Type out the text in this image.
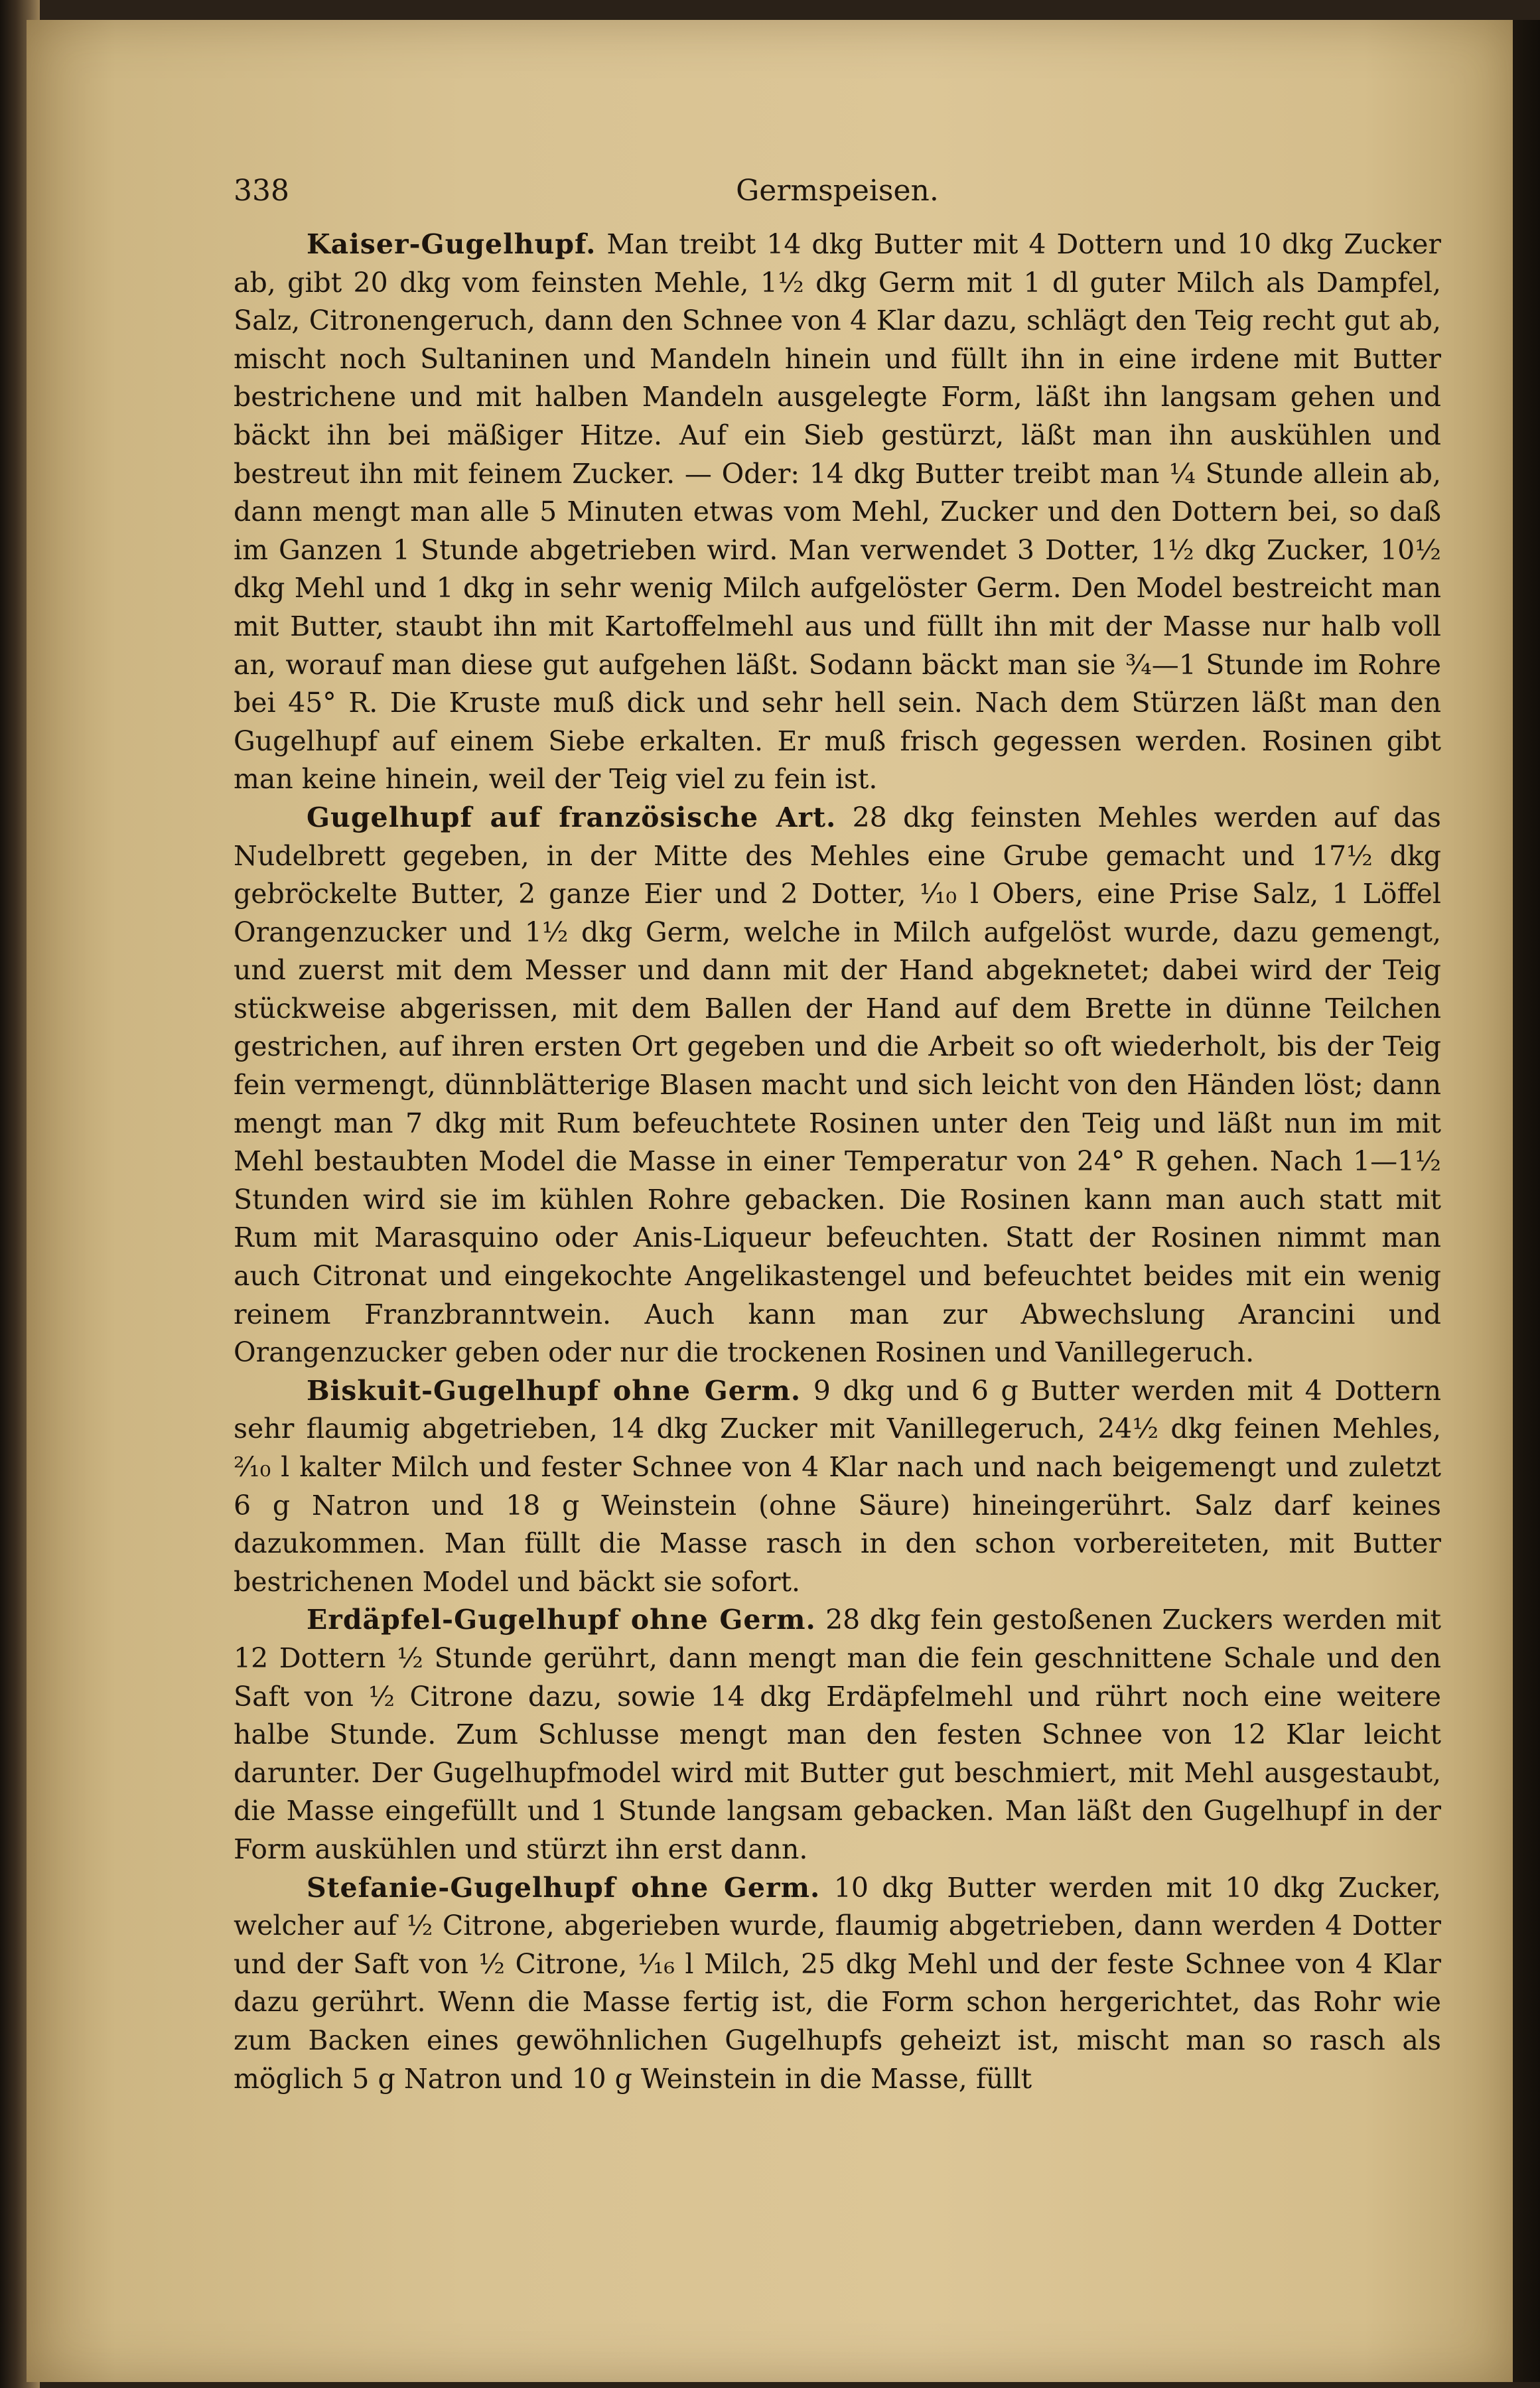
338	Germspeisen.

Kaiser-Gugelhupf. Man treibt 14 dkg Butter mit 4 Dottern und 10 dkg Zucker ab, gibt 20 dkg vom feinsten Mehle, 1½ dkg Germ mit 1 dl guter Milch als Dampfel, Salz, Citronengeruch, dann den Schnee von 4 Klar dazu, schlägt den Teig recht gut ab, mischt noch Sultaninen und Mandeln hinein und füllt ihn in eine irdene mit Butter bestrichene und mit halben Mandeln ausgelegte Form, läßt ihn langsam gehen und bäckt ihn bei mäßiger Hitze. Auf ein Sieb gestürzt, läßt man ihn auskühlen und bestreut ihn mit feinem Zucker. — Oder: 14 dkg Butter treibt man ¼ Stunde allein ab, dann mengt man alle 5 Minuten etwas vom Mehl, Zucker und den Dottern bei, so daß im Ganzen 1 Stunde abgetrieben wird. Man verwendet 3 Dotter, 1½ dkg Zucker, 10½ dkg Mehl und 1 dkg in sehr wenig Milch aufgelöster Germ. Den Model bestreicht man mit Butter, staubt ihn mit Kartoffelmehl aus und füllt ihn mit der Masse nur halb voll an, worauf man diese gut aufgehen läßt. Sodann bäckt man sie ¾—1 Stunde im Rohre bei 45° R. Die Kruste muß dick und sehr hell sein. Nach dem Stürzen läßt man den Gugelhupf auf einem Siebe erkalten. Er muß frisch gegessen werden. Rosinen gibt man keine hinein, weil der Teig viel zu fein ist.

Gugelhupf auf französische Art. 28 dkg feinsten Mehles werden auf das Nudelbrett gegeben, in der Mitte des Mehles eine Grube gemacht und 17½ dkg gebröckelte Butter, 2 ganze Eier und 2 Dotter, ¹⁄₁₀ l Obers, eine Prise Salz, 1 Löffel Orangenzucker und 1½ dkg Germ, welche in Milch aufgelöst wurde, dazu gemengt, und zuerst mit dem Messer und dann mit der Hand abgeknetet; dabei wird der Teig stückweise abgerissen, mit dem Ballen der Hand auf dem Brette in dünne Teilchen gestrichen, auf ihren ersten Ort gegeben und die Arbeit so oft wiederholt, bis der Teig fein vermengt, dünnblätterige Blasen macht und sich leicht von den Händen löst; dann mengt man 7 dkg mit Rum befeuchtete Rosinen unter den Teig und läßt nun im mit Mehl bestaubten Model die Masse in einer Temperatur von 24° R gehen. Nach 1—1½ Stunden wird sie im kühlen Rohre gebacken. Die Rosinen kann man auch statt mit Rum mit Marasquino oder Anis-Liqueur befeuchten. Statt der Rosinen nimmt man auch Citronat und eingekochte Angelikastengel und befeuchtet beides mit ein wenig reinem Franzbranntwein. Auch kann man zur Abwechslung Arancini und Orangenzucker geben oder nur die trockenen Rosinen und Vanillegeruch.

Biskuit-Gugelhupf ohne Germ. 9 dkg und 6 g Butter werden mit 4 Dottern sehr flaumig abgetrieben, 14 dkg Zucker mit Vanillegeruch, 24½ dkg feinen Mehles, ²⁄₁₀ l kalter Milch und fester Schnee von 4 Klar nach und nach beigemengt und zuletzt 6 g Natron und 18 g Weinstein (ohne Säure) hineingerührt. Salz darf keines dazukommen. Man füllt die Masse rasch in den schon vorbereiteten, mit Butter bestrichenen Model und bäckt sie sofort.

Erdäpfel-Gugelhupf ohne Germ. 28 dkg fein gestoßenen Zuckers werden mit 12 Dottern ½ Stunde gerührt, dann mengt man die fein geschnittene Schale und den Saft von ½ Citrone dazu, sowie 14 dkg Erdäpfelmehl und rührt noch eine weitere halbe Stunde. Zum Schlusse mengt man den festen Schnee von 12 Klar leicht darunter. Der Gugelhupfmodel wird mit Butter gut beschmiert, mit Mehl ausgestaubt, die Masse eingefüllt und 1 Stunde langsam gebacken. Man läßt den Gugelhupf in der Form auskühlen und stürzt ihn erst dann.

Stefanie-Gugelhupf ohne Germ. 10 dkg Butter werden mit 10 dkg Zucker, welcher auf ½ Citrone, abgerieben wurde, flaumig abgetrieben, dann werden 4 Dotter und der Saft von ½ Citrone, ¹⁄₁₆ l Milch, 25 dkg Mehl und der feste Schnee von 4 Klar dazu gerührt. Wenn die Masse fertig ist, die Form schon hergerichtet, das Rohr wie zum Backen eines gewöhnlichen Gugelhupfs geheizt ist, mischt man so rasch als möglich 5 g Natron und 10 g Weinstein in die Masse, füllt
